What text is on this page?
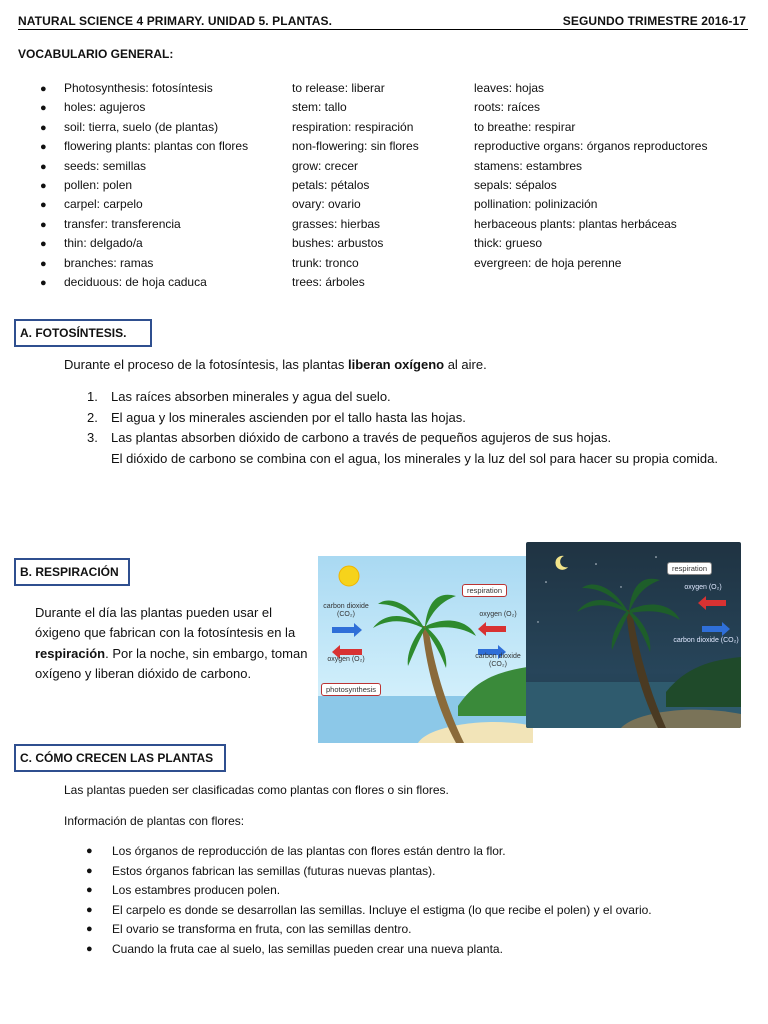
NATURAL SCIENCE 4 PRIMARY. UNIDAD 5. PLANTAS.	SEGUNDO TRIMESTRE 2016-17
VOCABULARIO GENERAL:
●
●
●
●
●
●
●
●
●
●
●
Photosynthesis: fotosíntesis
holes: agujeros
soil: tierra, suelo (de plantas)
flowering plants: plantas con flores
seeds: semillas
pollen: polen
carpel: carpelo
transfer: transferencia
thin: delgado/a
branches: ramas
deciduous: de hoja caduca
to release: liberar
stem: tallo
respiration: respiración
non-flowering: sin flores
grow: crecer
petals: pétalos
ovary: ovario
grasses: hierbas
bushes: arbustos
trunk: tronco
trees: árboles
leaves: hojas
roots: raíces
to breathe: respirar
reproductive organs: órganos reproductores
stamens: estambres
sepals: sépalos
pollination: polinización
herbaceous plants: plantas herbáceas
thick: grueso
evergreen: de hoja perenne
A. FOTOSÍNTESIS.
Durante el proceso de la fotosíntesis, las plantas liberan oxígeno al aire.
1. Las raíces absorben minerales y agua del suelo.
2. El agua y los minerales ascienden por el tallo hasta las hojas.
3. Las plantas absorben dióxido de carbono a través de pequeños agujeros de sus hojas.
El dióxido de carbono se combina con el agua, los minerales y la luz del sol para hacer su propia comida.
B. RESPIRACIÓN
Durante el día las plantas pueden usar el óxigeno que fabrican con la fotosíntesis en la respiración. Por la noche, sin embargo, toman oxígeno y liberan dióxido de carbono.
respiration
photosynthesis
carbon dioxide (CO₂)
oxygen (O₂)
oxygen (O₂)
carbon dioxide (CO₂)
respiration
oxygen (O₂)
carbon dioxide (CO₂)
C. CÓMO CRECEN LAS PLANTAS
Las plantas pueden ser clasificadas como plantas con flores o sin flores.
Información de plantas con flores:
● Los órganos de reproducción de las plantas con flores están dentro la flor.
● Estos órganos fabrican las semillas (futuras nuevas plantas).
● Los estambres producen polen.
● El carpelo es donde se desarrollan las semillas. Incluye el estigma (lo que recibe el polen) y el ovario.
● El ovario se transforma en fruta, con las semillas dentro.
● Cuando la fruta cae al suelo, las semillas pueden crear una nueva planta.
